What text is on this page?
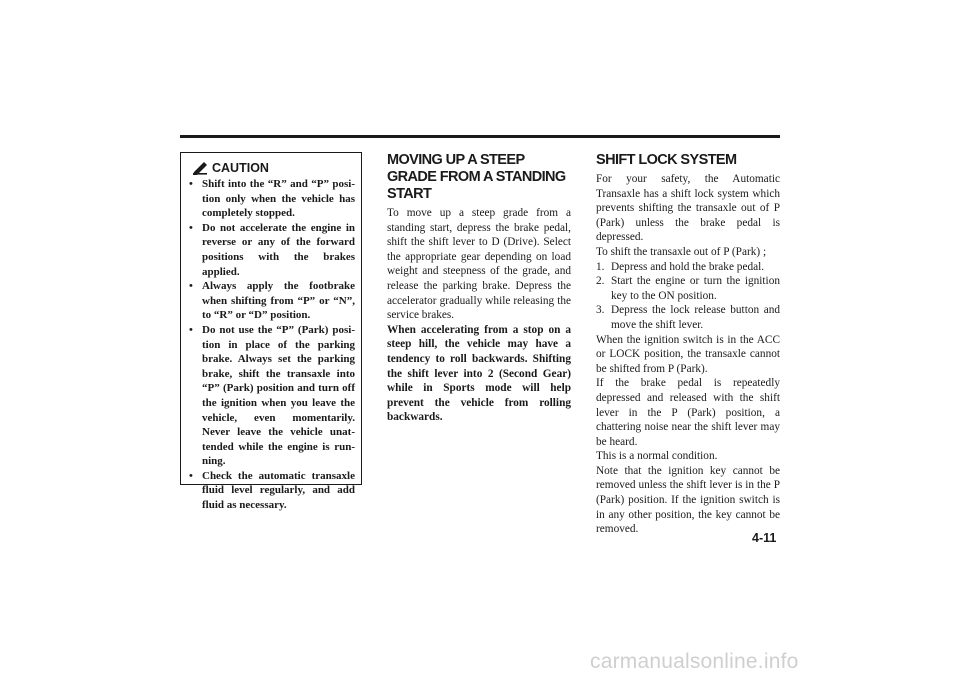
CAUTION
• Shift into the “R” and “P” posi-tion only when the vehicle has completely stopped.
• Do not accelerate the engine in reverse or any of the forward positions with the brakes applied.
• Always apply the footbrake when shifting from “P” or “N”, to “R” or “D” position.
• Do not use the “P” (Park) posi-tion in place of the parking brake. Always set the parking brake, shift the transaxle into “P” (Park) position and turn off the ignition when you leave the vehicle, even momentarily. Never leave the vehicle unat-tended while the engine is run-ning.
• Check the automatic transaxle fluid level regularly, and add fluid as necessary.
MOVING UP A STEEP GRADE FROM A STANDING START

To move up a steep grade from a standing start, depress the brake pedal, shift the shift lever to D (Drive). Select the appropriate gear depending on load weight and steepness of the grade, and release the parking brake. Depress the accelerator gradually while releasing the service brakes.

When accelerating from a stop on a steep hill, the vehicle may have a tendency to roll backwards. Shifting the shift lever into 2 (Second Gear) while in Sports mode will help prevent the vehicle from rolling backwards.

SHIFT LOCK SYSTEM

For your safety, the Automatic Transaxle has a shift lock system which prevents shifting the transaxle out of P (Park) unless the brake pedal is depressed.

To shift the transaxle out of P (Park) ;

1. Depress and hold the brake pedal.
2. Start the engine or turn the ignition key to the ON position.
3. Depress the lock release button and move the shift lever.

When the ignition switch is in the ACC or LOCK position, the transaxle cannot be shifted from P (Park).

If the brake pedal is repeatedly depressed and released with the shift lever in the P (Park) position, a chattering noise near the shift lever may be heard.

This is a normal condition.

Note that the ignition key cannot be removed unless the shift lever is in the P (Park) position. If the ignition switch is in any other position, the key cannot be removed.

4-11
carmanualsonline.info
